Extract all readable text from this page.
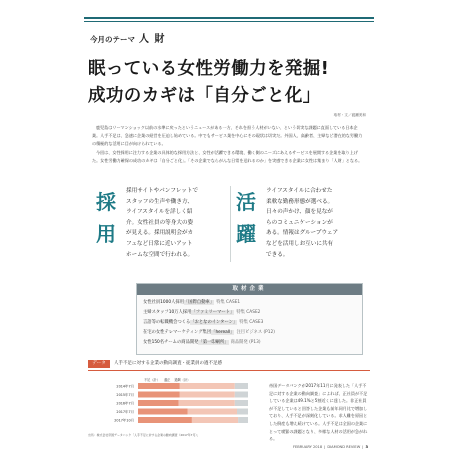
今月のテーマ 人 財
眠っている女性労働力を発掘!
成功のカギは「自分ごと化」
取材・文／渡瀬美和

鹿児島はリーマンショック以前の水準に戻ったというニュースがある一方、それを担う人材がいない、という切実な課題に直面している日本企業。人手不足は、急速に企業の経営を圧迫し始めている。中でもサービス業を中心にその現状は切実だ。外国人、高齢者、主婦など潜在的な労働力の積極的な活用に目が向けられている。

今回は、女性採用に注力する企業の具体的な採用方法と、女性が活躍できる環境、働く側のニーズにあえるサービスを展開する企業を取り上げた。女性労働力確保の成功のカギは「自分ごと化」。「その企業でならがんな日常を送れるのか」を実感できる企業に女性は集まり「人財」となる。

採
用
採用サイトやパンフレットで
スタッフの生声や働き方、
ライフスタイルを詳しく紹
介。女性社員の等身大の姿
が見える。採用説明会がカ
フェなど日常に近いアット
ホームな空間で行われる。
活
躍
ライフスタイルに合わせた
柔軟な勤務形態が選べる。
日々の声かけ、顔を見なが
らのコミュニケーションが
ある。情報はグループウェア
などを活用しお互いに共有
できる。
取材企業
女性社員1000人採用「国際自動車」 特集 CASE1
主婦スタッフ10万人採用「ファミリーマート」 特集 CASE2
言語等の転職機会つくる「おとなのインターン」 特集 CASE3
在宅の女性テレマーケティング集団「hereall」 注目ビジネス (P12)
女性150名チームの商品開発「第一印刷所」 商品開発 (P13)
データ	人手不足に対する企業の動向調査・従業員の過不足感
不足（計） 適正 過剰（計）
2014年7月
2015年7月
2016年7月
2017年7月
2017年10月
帝国データバンクが2017年11月に発表した「人手不足に対する企業の動向調査」によれば、正社員が不足している企業は49.1%と5割近くに達した。非正社員が不足していると回答した企業も前年同月比で増加しており、人手不足が深刻化している。求人難を原因とした倒産も増え続けている。人手不足は全国の企業にとって喫緊の課題となり、多様な人材の活用が急がれる。
出所：株式会社帝国データバンク「人手不足に対する企業の動向調査（2017年7月）」
FEBRUARY 2018 | DIAMOND REVIEW | 3
